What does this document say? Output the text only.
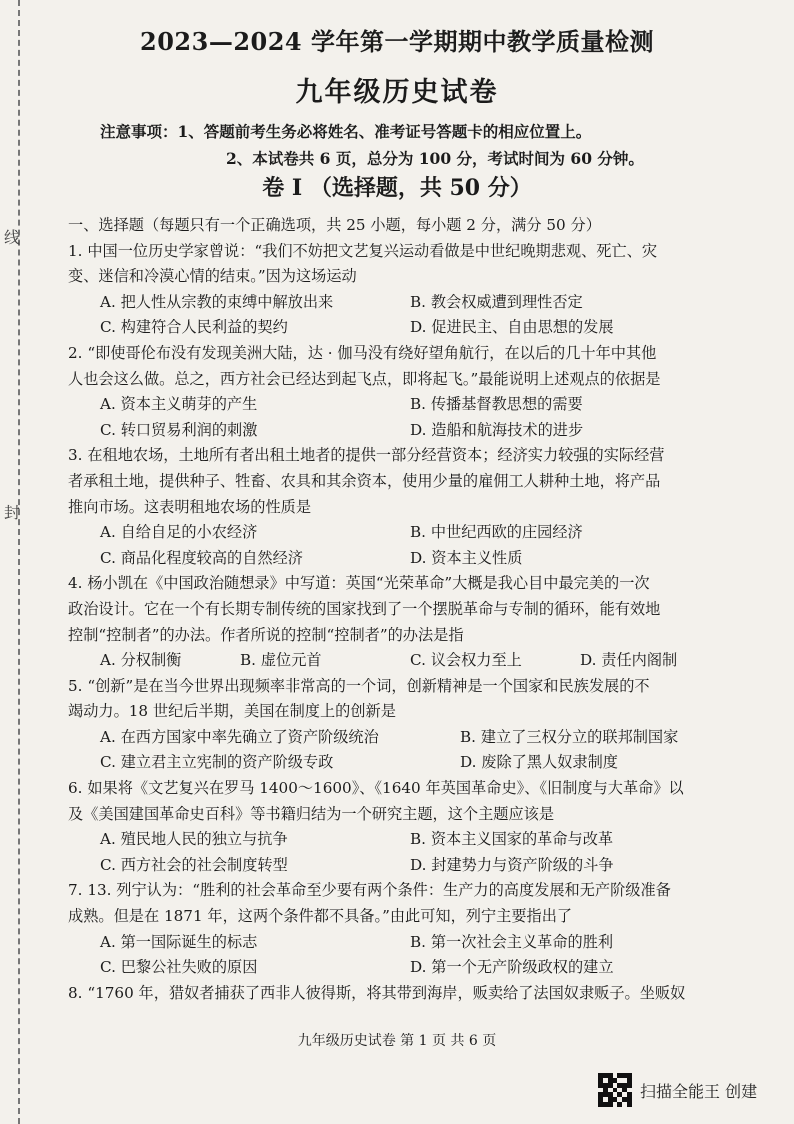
线
封
2023—2024 学年第一学期期中教学质量检测
九年级历史试卷
注意事项：1、答题前考生务必将姓名、准考证号答题卡的相应位置上。
2、本试卷共 6 页，总分为 100 分，考试时间为 60 分钟。
卷 I （选择题，共 50 分）

一、选择题（每题只有一个正确选项，共 25 小题，每小题 2 分，满分 50 分）

1. 中国一位历史学家曾说：“我们不妨把文艺复兴运动看做是中世纪晚期悲观、死亡、灾

变、迷信和冷漠心情的结束。”因为这场运动

A. 把人性从宗教的束缚中解放出来	B. 教会权威遭到理性否定
C. 构建符合人民利益的契约	D. 促进民主、自由思想的发展

2. “即使哥伦布没有发现美洲大陆，达 · 伽马没有绕好望角航行，在以后的几十年中其他

人也会这么做。总之，西方社会已经达到起飞点，即将起飞。”最能说明上述观点的依据是

A. 资本主义萌芽的产生	B. 传播基督教思想的需要
C. 转口贸易利润的刺激	D. 造船和航海技术的进步

3. 在租地农场，土地所有者出租土地者的提供一部分经营资本；经济实力较强的实际经营

者承租土地，提供种子、牲畜、农具和其余资本，使用少量的雇佣工人耕种土地，将产品

推向市场。这表明租地农场的性质是

A. 自给自足的小农经济	B. 中世纪西欧的庄园经济
C. 商品化程度较高的自然经济	D. 资本主义性质

4. 杨小凯在《中国政治随想录》中写道：英国“光荣革命”大概是我心目中最完美的一次

政治设计。它在一个有长期专制传统的国家找到了一个摆脱革命与专制的循环，能有效地

控制“控制者”的办法。作者所说的控制“控制者”的办法是指

A. 分权制衡	B. 虚位元首	C. 议会权力至上	D. 责任内阁制

5. “创新”是在当今世界出现频率非常高的一个词，创新精神是一个国家和民族发展的不

竭动力。18 世纪后半期，美国在制度上的创新是

A. 在西方国家中率先确立了资产阶级统治	B. 建立了三权分立的联邦制国家
C. 建立君主立宪制的资产阶级专政	D. 废除了黑人奴隶制度

6. 如果将《文艺复兴在罗马 1400～1600》、《1640 年英国革命史》、《旧制度与大革命》以

及《美国建国革命史百科》等书籍归结为一个研究主题，这个主题应该是

A. 殖民地人民的独立与抗争	B. 资本主义国家的革命与改革
C. 西方社会的社会制度转型	D. 封建势力与资产阶级的斗争

7. 13. 列宁认为：“胜利的社会革命至少要有两个条件：生产力的高度发展和无产阶级准备

成熟。但是在 1871 年，这两个条件都不具备。”由此可知，列宁主要指出了

A. 第一国际诞生的标志	B. 第一次社会主义革命的胜利
C. 巴黎公社失败的原因	D. 第一个无产阶级政权的建立

8. “1760 年，猎奴者捕获了西非人彼得斯，将其带到海岸，贩卖给了法国奴隶贩子。坐贩奴

九年级历史试卷 第 1 页 共 6 页
扫描全能王 创建
